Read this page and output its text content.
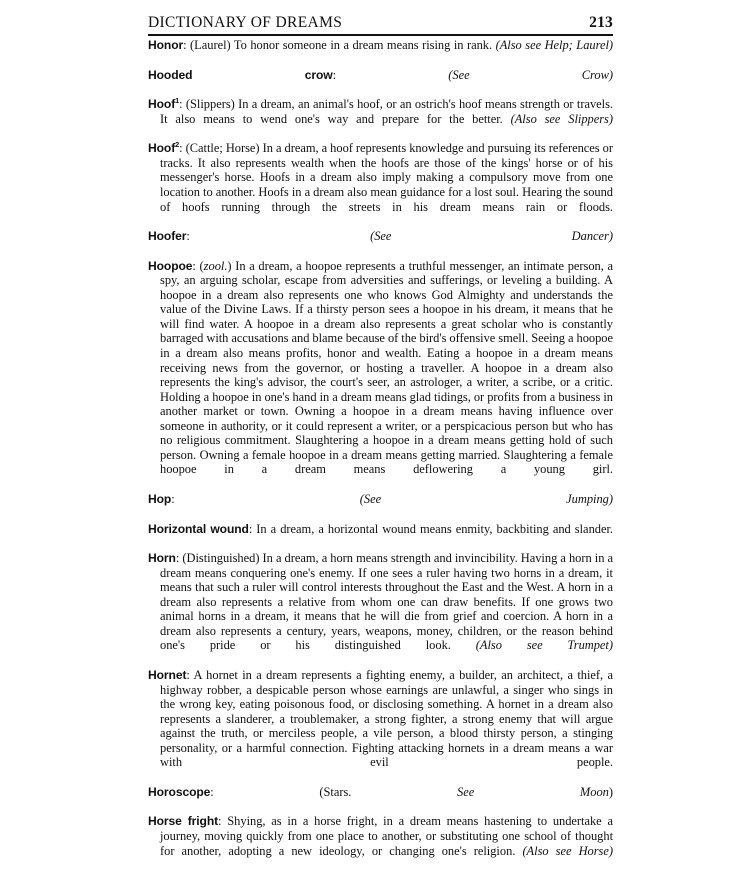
DICTIONARY OF DREAMS	213

Honor: (Laurel) To honor someone in a dream means rising in rank. (Also see Help; Laurel)

Hooded crow: (See Crow)

Hoof$^1$: (Slippers) In a dream, an animal's hoof, or an ostrich's hoof means strength or travels. It also means to wend one's way and prepare for the better. (Also see Slippers)

Hoof$^2$: (Cattle; Horse) In a dream, a hoof represents knowledge and pursuing its references or tracks. It also represents wealth when the hoofs are those of the kings' horse or of his messenger's horse. Hoofs in a dream also imply making a compulsory move from one location to another. Hoofs in a dream also mean guidance for a lost soul. Hearing the sound of hoofs running through the streets in his dream means rain or floods.

Hoofer: (See Dancer)

Hoopoe: (zool.) In a dream, a hoopoe represents a truthful messenger, an intimate person, a spy, an arguing scholar, escape from adversities and sufferings, or leveling a building. A hoopoe in a dream also represents one who knows God Almighty and understands the value of the Divine Laws. If a thirsty person sees a hoopoe in his dream, it means that he will find water. A hoopoe in a dream also represents a great scholar who is constantly barraged with accusations and blame because of the bird's offensive smell. Seeing a hoopoe in a dream also means profits, honor and wealth. Eating a hoopoe in a dream means receiving news from the governor, or hosting a traveller. A hoopoe in a dream also represents the king's advisor, the court's seer, an astrologer, a writer, a scribe, or a critic. Holding a hoopoe in one's hand in a dream means glad tidings, or profits from a business in another market or town. Owning a hoopoe in a dream means having influence over someone in authority, or it could represent a writer, or a perspicacious person but who has no religious commitment. Slaughtering a hoopoe in a dream means getting hold of such person. Owning a female hoopoe in a dream means getting married. Slaughtering a female hoopoe in a dream means deflowering a young girl.

Hop: (See Jumping)

Horizontal wound: In a dream, a horizontal wound means enmity, backbiting and slander.

Horn: (Distinguished) In a dream, a horn means strength and invincibility. Having a horn in a dream means conquering one's enemy. If one sees a ruler having two horns in a dream, it means that such a ruler will control interests throughout the East and the West. A horn in a dream also represents a relative from whom one can draw benefits. If one grows two animal horns in a dream, it means that he will die from grief and coercion. A horn in a dream also represents a century, years, weapons, money, children, or the reason behind one's pride or his distinguished look. (Also see Trumpet)

Hornet: A hornet in a dream represents a fighting enemy, a builder, an architect, a thief, a highway robber, a despicable person whose earnings are unlawful, a singer who sings in the wrong key, eating poisonous food, or disclosing something. A hornet in a dream also represents a slanderer, a troublemaker, a strong fighter, a strong enemy that will argue against the truth, or merciless people, a vile person, a blood thirsty person, a stinging personality, or a harmful connection. Fighting attacking hornets in a dream means a war with evil people.

Horoscope: (Stars. See Moon)

Horse fright: Shying, as in a horse fright, in a dream means hastening to undertake a journey, moving quickly from one place to another, or substituting one school of thought for another, adopting a new ideology, or changing one's religion. (Also see Horse)
